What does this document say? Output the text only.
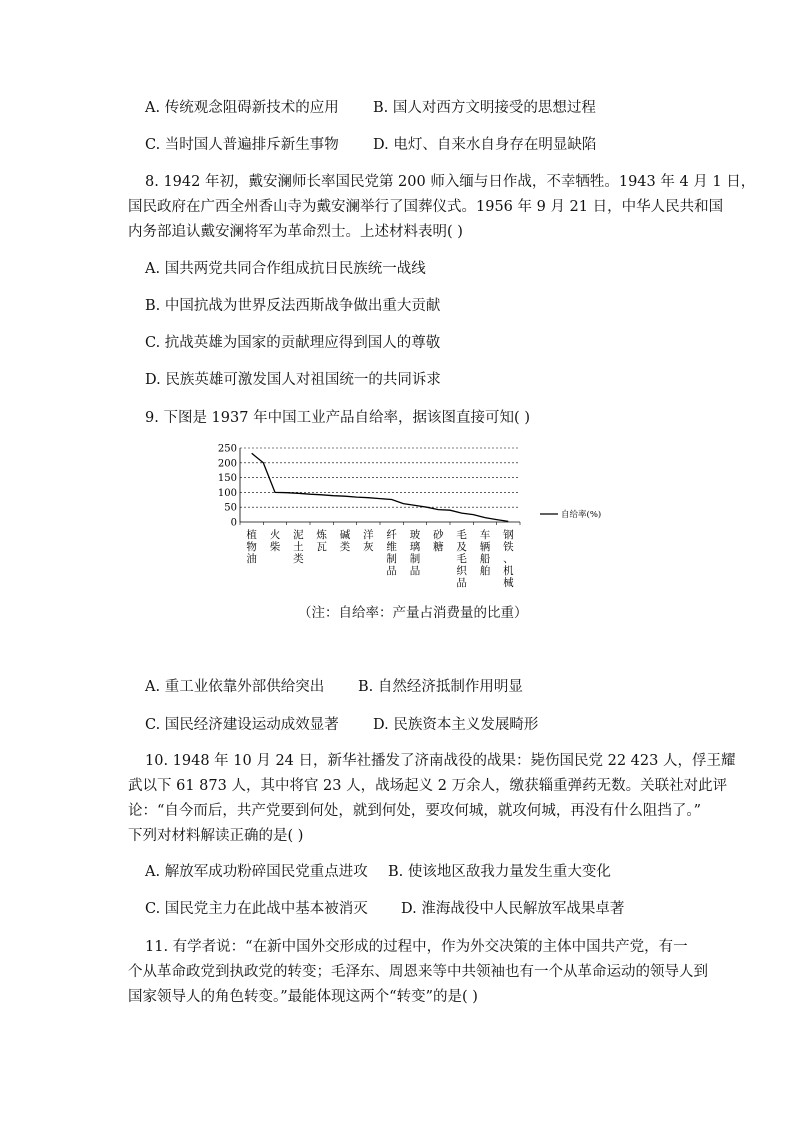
A. 传统观念阻碍新技术的应用 B. 国人对西方文明接受的思想过程
C. 当时国人普遍排斥新生事物 D. 电灯、自来水自身存在明显缺陷
8. 1942 年初，戴安澜师长率国民党第 200 师入缅与日作战，不幸牺牲。1943 年 4 月 1 日，
国民政府在广西全州香山寺为戴安澜举行了国葬仪式。1956 年 9 月 21 日，中华人民共和国
内务部追认戴安澜将军为革命烈士。上述材料表明( )
A. 国共两党共同合作组成抗日民族统一战线
B. 中国抗战为世界反法西斯战争做出重大贡献
C. 抗战英雄为国家的贡献理应得到国人的尊敬
D. 民族英雄可激发国人对祖国统一的共同诉求
9. 下图是 1937 年中国工业产品自给率，据该图直接可知( )
0
50
100
150
200
250
植
物
油
火
柴
泥
土
类
炼
瓦
碱
类
洋
灰
纤
维
制
品
玻
璃
制
品
砂
糖
毛
及
毛
织
品
车
辆
船
舶
钢
铁
、
机
械
自给率(%)
（注：自给率：产量占消费量的比重）
A. 重工业依靠外部供给突出 B. 自然经济抵制作用明显
C. 国民经济建设运动成效显著 D. 民族资本主义发展畸形
10. 1948 年 10 月 24 日，新华社播发了济南战役的战果：毙伤国民党 22 423 人，俘王耀
武以下 61 873 人，其中将官 23 人，战场起义 2 万余人，缴获辎重弹药无数。关联社对此评
论：“自今而后，共产党要到何处，就到何处，要攻何城，就攻何城，再没有什么阻挡了。”
下列对材料解读正确的是( )
A. 解放军成功粉碎国民党重点进攻 B. 使该地区敌我力量发生重大变化
C. 国民党主力在此战中基本被消灭 D. 淮海战役中人民解放军战果卓著
11. 有学者说：“在新中国外交形成的过程中，作为外交决策的主体中国共产党，有一
个从革命政党到执政党的转变；毛泽东、周恩来等中共领袖也有一个从革命运动的领导人到
国家领导人的角色转变。”最能体现这两个“转变”的是( )
